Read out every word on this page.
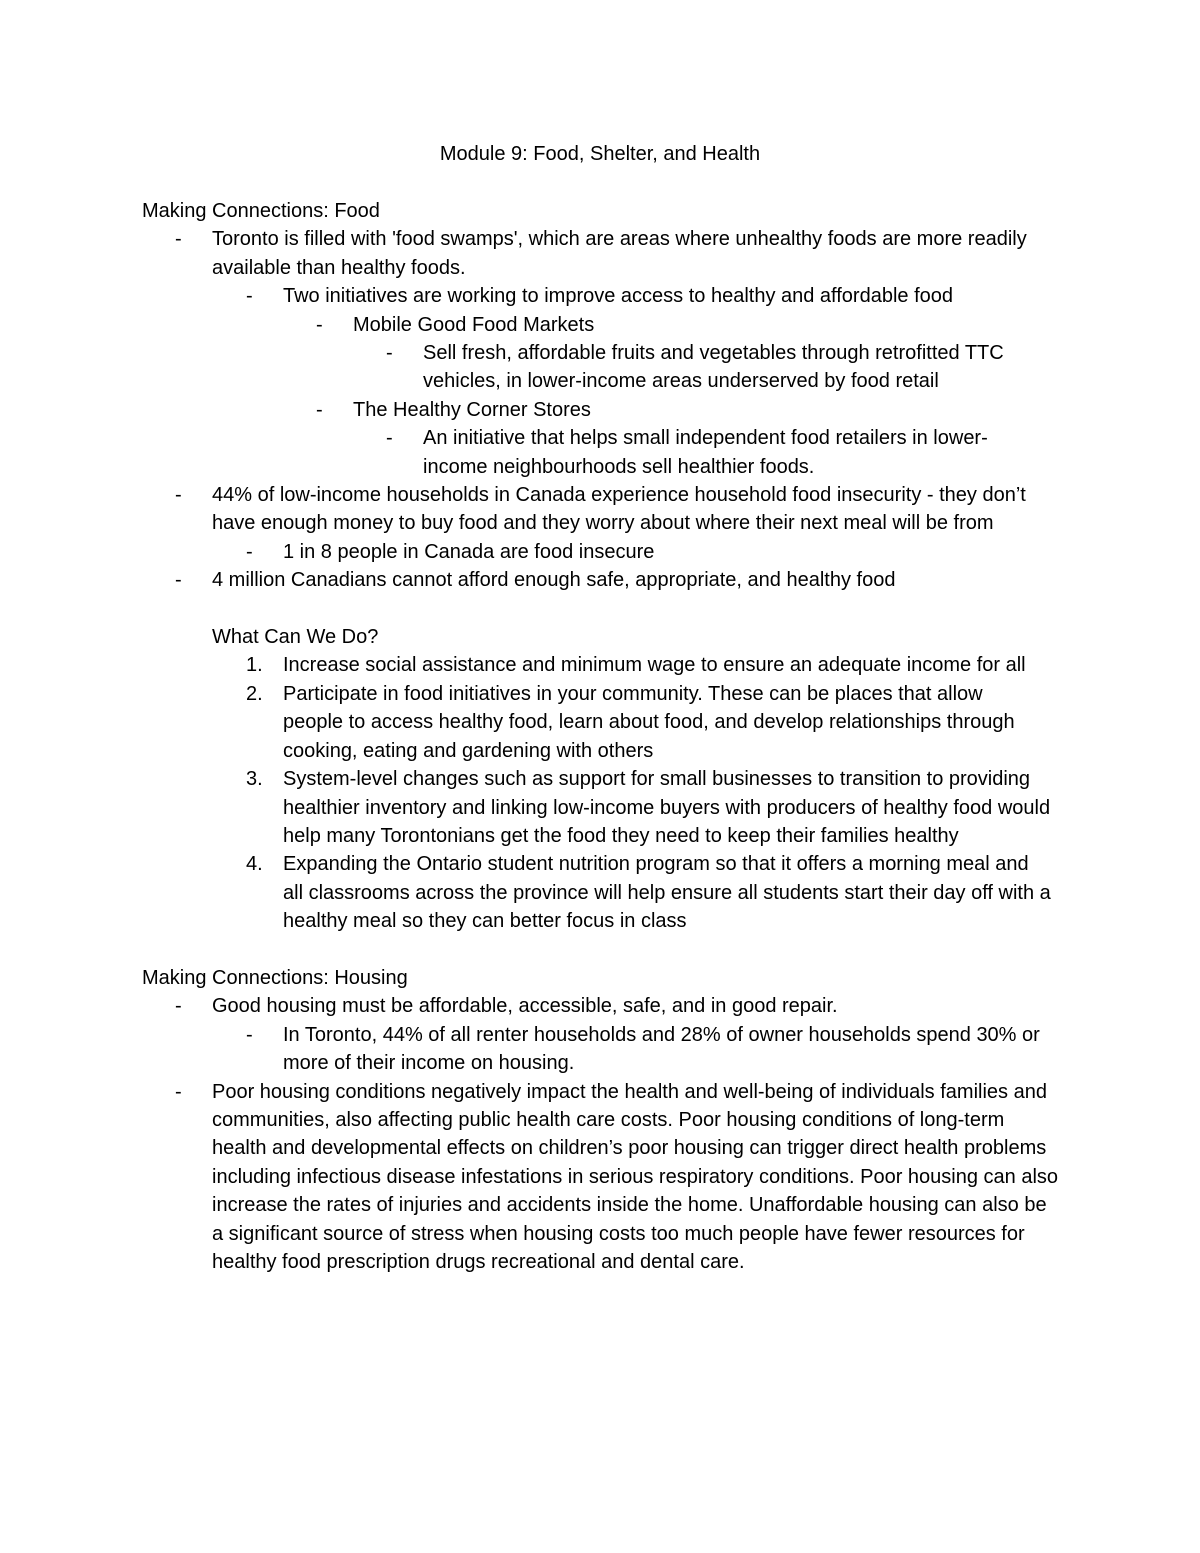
Module 9: Food, Shelter, and Health
Making Connections: Food
- Toronto is filled with 'food swamps', which are areas where unhealthy foods are more readily available than healthy foods.
- Two initiatives are working to improve access to healthy and affordable food
- Mobile Good Food Markets
- Sell fresh, affordable fruits and vegetables through retrofitted TTC vehicles, in lower-income areas underserved by food retail
- The Healthy Corner Stores
- An initiative that helps small independent food retailers in lower-income neighbourhoods sell healthier foods.
- 44% of low-income households in Canada experience household food insecurity - they don’t have enough money to buy food and they worry about where their next meal will be from
- 1 in 8 people in Canada are food insecure
- 4 million Canadians cannot afford enough safe, appropriate, and healthy food
What Can We Do?
1. Increase social assistance and minimum wage to ensure an adequate income for all
2. Participate in food initiatives in your community. These can be places that allow people to access healthy food, learn about food, and develop relationships through cooking, eating and gardening with others
3. System-level changes such as support for small businesses to transition to providing healthier inventory and linking low-income buyers with producers of healthy food would help many Torontonians get the food they need to keep their families healthy
4. Expanding the Ontario student nutrition program so that it offers a morning meal and all classrooms across the province will help ensure all students start their day off with a healthy meal so they can better focus in class
Making Connections: Housing
- Good housing must be affordable, accessible, safe, and in good repair.
- In Toronto, 44% of all renter households and 28% of owner households spend 30% or more of their income on housing.
- Poor housing conditions negatively impact the health and well-being of individuals families and communities, also affecting public health care costs. Poor housing conditions of long-term health and developmental effects on children’s poor housing can trigger direct health problems including infectious disease infestations in serious respiratory conditions. Poor housing can also increase the rates of injuries and accidents inside the home. Unaffordable housing can also be a significant source of stress when housing costs too much people have fewer resources for healthy food prescription drugs recreational and dental care.
